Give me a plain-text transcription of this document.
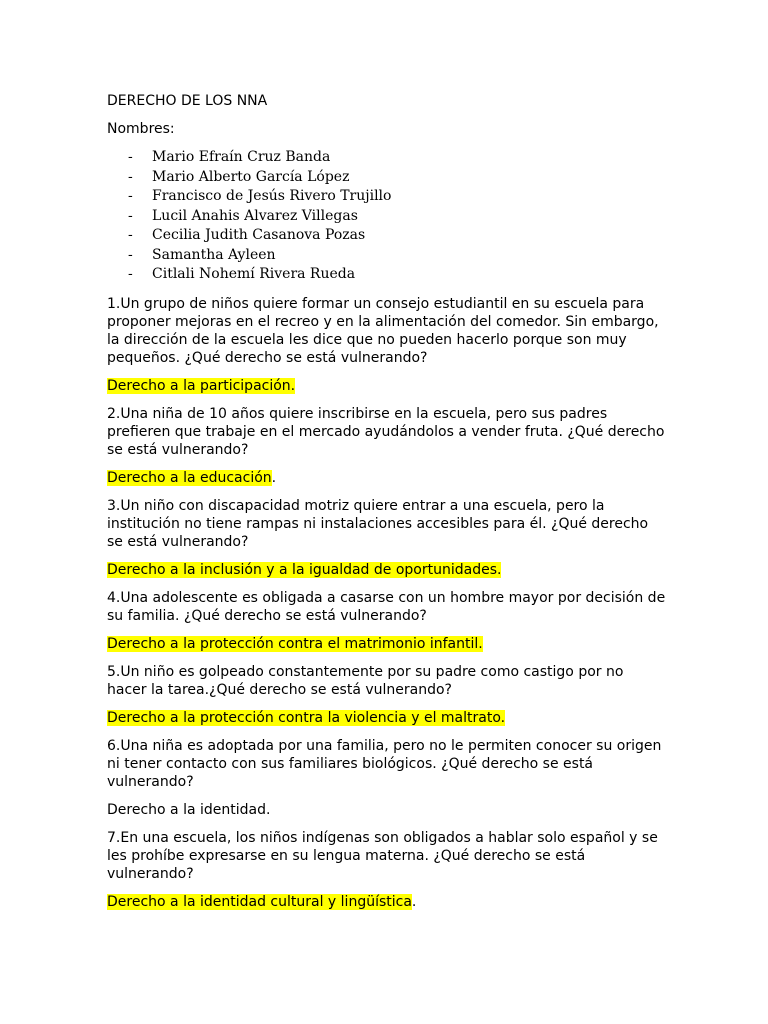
DERECHO DE LOS NNA

Nombres:

- Mario Efraín Cruz Banda
- Mario Alberto García López
- Francisco de Jesús Rivero Trujillo
- Lucil Anahis Alvarez Villegas
- Cecilia Judith Casanova Pozas
- Samantha Ayleen
- Citlali Nohemí Rivera Rueda

1.Un grupo de niños quiere formar un consejo estudiantil en su escuela para proponer mejoras en el recreo y en la alimentación del comedor. Sin embargo, la dirección de la escuela les dice que no pueden hacerlo porque son muy pequeños. ¿Qué derecho se está vulnerando?

Derecho a la participación.

2.Una niña de 10 años quiere inscribirse en la escuela, pero sus padres prefieren que trabaje en el mercado ayudándolos a vender fruta. ¿Qué derecho se está vulnerando?

Derecho a la educación.

3.Un niño con discapacidad motriz quiere entrar a una escuela, pero la institución no tiene rampas ni instalaciones accesibles para él. ¿Qué derecho se está vulnerando?

Derecho a la inclusión y a la igualdad de oportunidades.

4.Una adolescente es obligada a casarse con un hombre mayor por decisión de su familia. ¿Qué derecho se está vulnerando?

Derecho a la protección contra el matrimonio infantil.

5.Un niño es golpeado constantemente por su padre como castigo por no hacer la tarea.¿Qué derecho se está vulnerando?

Derecho a la protección contra la violencia y el maltrato.

6.Una niña es adoptada por una familia, pero no le permiten conocer su origen ni tener contacto con sus familiares biológicos. ¿Qué derecho se está vulnerando?

Derecho a la identidad.

7.En una escuela, los niños indígenas son obligados a hablar solo español y se les prohíbe expresarse en su lengua materna. ¿Qué derecho se está vulnerando?

Derecho a la identidad cultural y lingüística.
